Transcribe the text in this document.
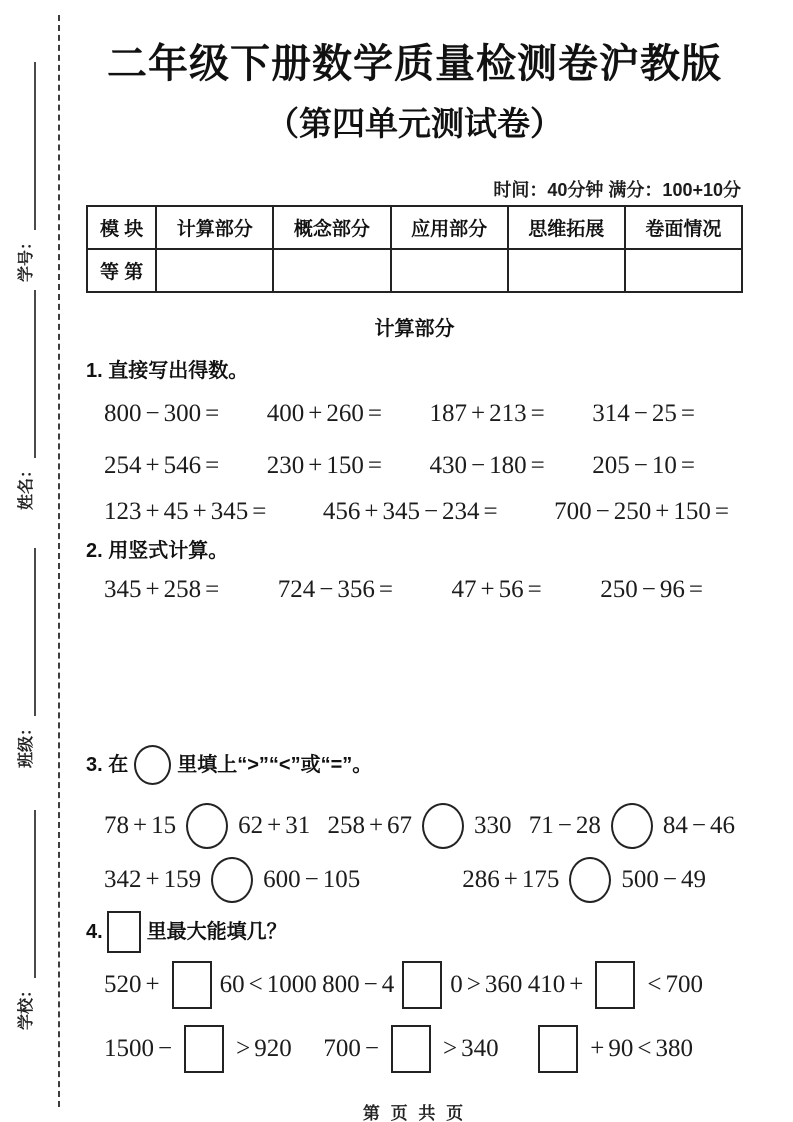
学号：
姓名：
班级：
学校：
二年级下册数学质量检测卷沪教版
（第四单元测试卷）
时间：40分钟 满分：100+10分
模 块	计算部分	概念部分	应用部分	思维拓展	卷面情况
等 第					
计算部分
1. 直接写出得数。
800 − 300 = 400 + 260 = 187 + 213 = 314 − 25 =
254 + 546 = 230 + 150 = 430 − 180 = 205 − 10 =
123 + 45 + 345 = 456 + 345 − 234 = 700 − 250 + 150 =
2. 用竖式计算。
345 + 258 = 724 − 356 = 47 + 56 = 250 − 96 =
3. 在 里填上“>”“<”或“=”。
78 + 15 62 + 31 258 + 67 330 71 − 28 84 − 46
342 + 159 600 − 105	286 + 175 500 − 49
4. 里最大能填几？
520 + 60 < 1000 800 − 4 0 > 360 410 +	< 700
1500 −	> 920 700 −	> 340	+ 90 < 380
第 页 共 页
